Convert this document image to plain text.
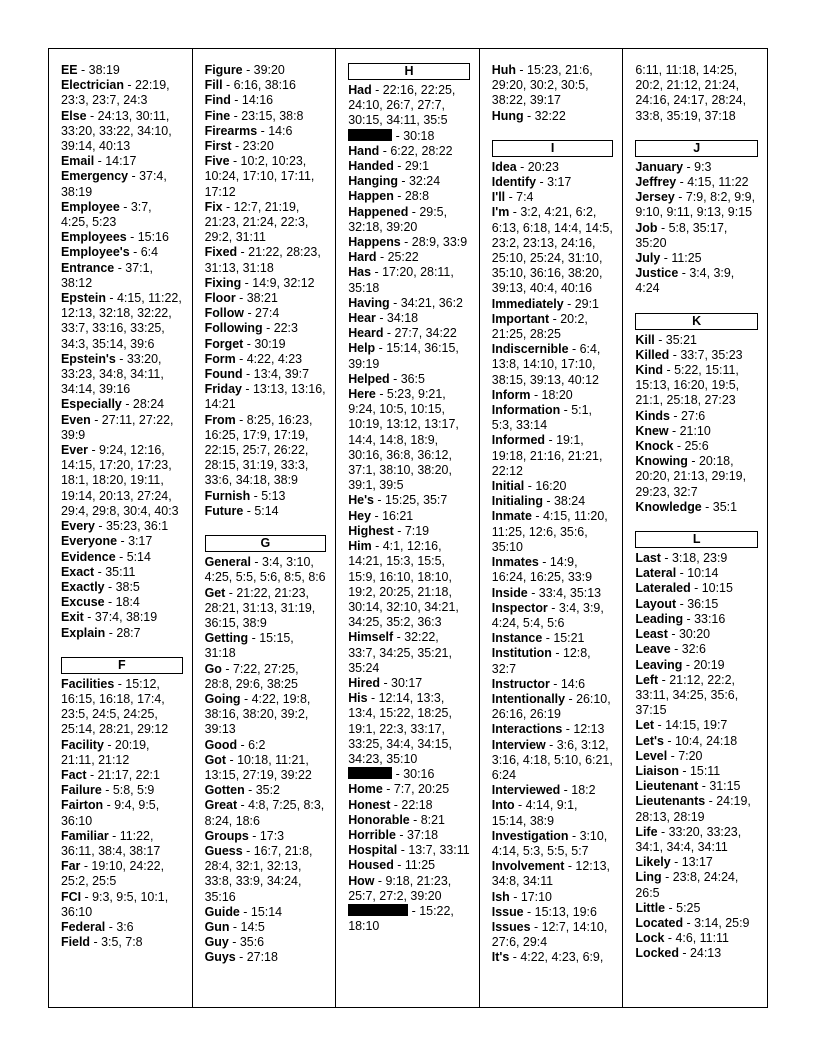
EE - 38:19
Electrician - 22:19, 23:3, 23:7, 24:3
Else - 24:13, 30:11, 33:20, 33:22, 34:10, 39:14, 40:13
Email - 14:17
Emergency - 37:4, 38:19
Employee - 3:7, 4:25, 5:23
Employees - 15:16
Employee's - 6:4
Entrance - 37:1, 38:12
Epstein - 4:15, 11:22, 12:13, 32:18, 32:22, 33:7, 33:16, 33:25, 34:3, 35:14, 39:6
Epstein's - 33:20, 33:23, 34:8, 34:11, 34:14, 39:16
Especially - 28:24
Even - 27:11, 27:22, 39:9
Ever - 9:24, 12:16, 14:15, 17:20, 17:23, 18:1, 18:20, 19:11, 19:14, 20:13, 27:24, 29:4, 29:8, 30:4, 40:3
Every - 35:23, 36:1
Everyone - 3:17
Evidence - 5:14
Exact - 35:11
Exactly - 38:5
Excuse - 18:4
Exit - 37:4, 38:19
Explain - 28:7
F
Facilities - 15:12, 16:15, 16:18, 17:4, 23:5, 24:5, 24:25, 25:14, 28:21, 29:12
Facility - 20:19, 21:11, 21:12
Fact - 21:17, 22:1
Failure - 5:8, 5:9
Fairton - 9:4, 9:5, 36:10
Familiar - 11:22, 36:11, 38:4, 38:17
Far - 19:10, 24:22, 25:2, 25:5
FCI - 9:3, 9:5, 10:1, 36:10
Federal - 3:6
Field - 3:5, 7:8
Figure - 39:20
Fill - 6:16, 38:16
Find - 14:16
Fine - 23:15, 38:8
Firearms - 14:6
First - 23:20
Five - 10:2, 10:23, 10:24, 17:10, 17:11, 17:12
Fix - 12:7, 21:19, 21:23, 21:24, 22:3, 29:2, 31:11
Fixed - 21:22, 28:23, 31:13, 31:18
Fixing - 14:9, 32:12
Floor - 38:21
Follow - 27:4
Following - 22:3
Forget - 30:19
Form - 4:22, 4:23
Found - 13:4, 39:7
Friday - 13:13, 13:16, 14:21
From - 8:25, 16:23, 16:25, 17:9, 17:19, 22:15, 25:7, 26:22, 28:15, 31:19, 33:3, 33:6, 34:18, 38:9
Furnish - 5:13
Future - 5:14
G
General - 3:4, 3:10, 4:25, 5:5, 5:6, 8:5, 8:6
Get - 21:22, 21:23, 28:21, 31:13, 31:19, 36:15, 38:9
Getting - 15:15, 31:18
Go - 7:22, 27:25, 28:8, 29:6, 38:25
Going - 4:22, 19:8, 38:16, 38:20, 39:2, 39:13
Good - 6:2
Got - 10:18, 11:21, 13:15, 27:19, 39:22
Gotten - 35:2
Great - 4:8, 7:25, 8:3, 8:24, 18:6
Groups - 17:3
Guess - 16:7, 21:8, 28:4, 32:1, 32:13, 33:8, 33:9, 34:24, 35:16
Guide - 15:14
Gun - 14:5
Guy - 35:6
Guys - 27:18
H
Had - 22:16, 22:25, 24:10, 26:7, 27:7, 30:15, 34:11, 35:5
- 30:18
Hand - 6:22, 28:22
Handed - 29:1
Hanging - 32:24
Happen - 28:8
Happened - 29:5, 32:18, 39:20
Happens - 28:9, 33:9
Hard - 25:22
Has - 17:20, 28:11, 35:18
Having - 34:21, 36:2
Hear - 34:18
Heard - 27:7, 34:22
Help - 15:14, 36:15, 39:19
Helped - 36:5
Here - 5:23, 9:21, 9:24, 10:5, 10:15, 10:19, 13:12, 13:17, 14:4, 14:8, 18:9, 30:16, 36:8, 36:12, 37:1, 38:10, 38:20, 39:1, 39:5
He's - 15:25, 35:7
Hey - 16:21
Highest - 7:19
Him - 4:1, 12:16, 14:21, 15:3, 15:5, 15:9, 16:10, 18:10, 19:2, 20:25, 21:18, 30:14, 32:10, 34:21, 34:25, 35:2, 36:3
Himself - 32:22, 33:7, 34:25, 35:21, 35:24
Hired - 30:17
His - 12:14, 13:3, 13:4, 15:22, 18:25, 19:1, 22:3, 33:17, 33:25, 34:4, 34:15, 34:23, 35:10
- 30:16
Home - 7:7, 20:25
Honest - 22:18
Honorable - 8:21
Horrible - 37:18
Hospital - 13:7, 33:11
Housed - 11:25
How - 9:18, 21:23, 25:7, 27:2, 39:20
- 15:22, 18:10
Huh - 15:23, 21:6, 29:20, 30:2, 30:5, 38:22, 39:17
Hung - 32:22
I
Idea - 20:23
Identify - 3:17
I'll - 7:4
I'm - 3:2, 4:21, 6:2, 6:13, 6:18, 14:4, 14:5, 23:2, 23:13, 24:16, 25:10, 25:24, 31:10, 35:10, 36:16, 38:20, 39:13, 40:4, 40:16
Immediately - 29:1
Important - 20:2, 21:25, 28:25
Indiscernible - 6:4, 13:8, 14:10, 17:10, 38:15, 39:13, 40:12
Inform - 18:20
Information - 5:1, 5:3, 33:14
Informed - 19:1, 19:18, 21:16, 21:21, 22:12
Initial - 16:20
Initialing - 38:24
Inmate - 4:15, 11:20, 11:25, 12:6, 35:6, 35:10
Inmates - 14:9, 16:24, 16:25, 33:9
Inside - 33:4, 35:13
Inspector - 3:4, 3:9, 4:24, 5:4, 5:6
Instance - 15:21
Institution - 12:8, 32:7
Instructor - 14:6
Intentionally - 26:10, 26:16, 26:19
Interactions - 12:13
Interview - 3:6, 3:12, 3:16, 4:18, 5:10, 6:21, 6:24
Interviewed - 18:2
Into - 4:14, 9:1, 15:14, 38:9
Investigation - 3:10, 4:14, 5:3, 5:5, 5:7
Involvement - 12:13, 34:8, 34:11
Ish - 17:10
Issue - 15:13, 19:6
Issues - 12:7, 14:10, 27:6, 29:4
It's - 4:22, 4:23, 6:9,
6:11, 11:18, 14:25, 20:2, 21:12, 21:24, 24:16, 24:17, 28:24, 33:8, 35:19, 37:18
J
January - 9:3
Jeffrey - 4:15, 11:22
Jersey - 7:9, 8:2, 9:9, 9:10, 9:11, 9:13, 9:15
Job - 5:8, 35:17, 35:20
July - 11:25
Justice - 3:4, 3:9, 4:24
K
Kill - 35:21
Killed - 33:7, 35:23
Kind - 5:22, 15:11, 15:13, 16:20, 19:5, 21:1, 25:18, 27:23
Kinds - 27:6
Knew - 21:10
Knock - 25:6
Knowing - 20:18, 20:20, 21:13, 29:19, 29:23, 32:7
Knowledge - 35:1
L
Last - 3:18, 23:9
Lateral - 10:14
Lateraled - 10:15
Layout - 36:15
Leading - 33:16
Least - 30:20
Leave - 32:6
Leaving - 20:19
Left - 21:12, 22:2, 33:11, 34:25, 35:6, 37:15
Let - 14:15, 19:7
Let's - 10:4, 24:18
Level - 7:20
Liaison - 15:11
Lieutenant - 31:15
Lieutenants - 24:19, 28:13, 28:19
Life - 33:20, 33:23, 34:1, 34:4, 34:11
Likely - 13:17
Ling - 23:8, 24:24, 26:5
Little - 5:25
Located - 3:14, 25:9
Lock - 4:6, 11:11
Locked - 24:13
